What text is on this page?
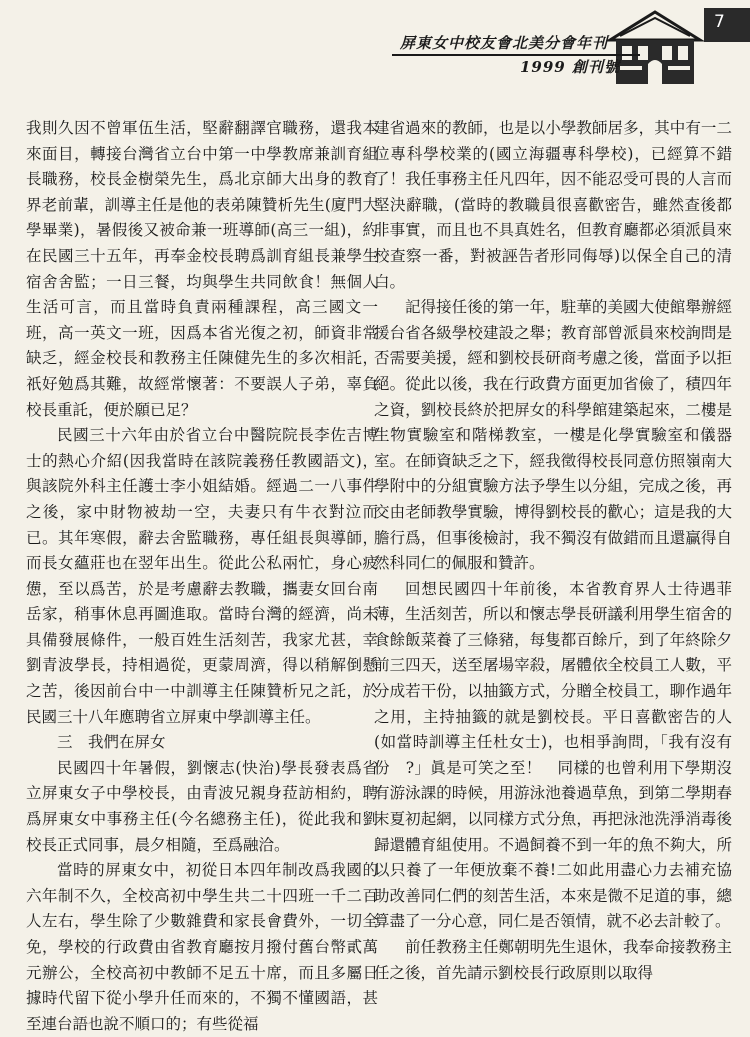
7
屏東女中校友會北美分會年刊
1999 創刊號

我則久因不曾軍伍生活，堅辭翻譯官職務，還我本來面目，轉接台灣省立台中第一中學教席兼訓育組長職務，校長金樹榮先生，爲北京師大出身的教育界老前輩，訓導主任是他的表弟陳贊析先生(廈門大學畢業)，暑假後又被命兼一班導師(高三一組)，約在民國三十五年，再奉金校長聘爲訓育組長兼學生宿舍舍監；一日三餐，均與學生共同飲食！無個人生活可言，而且當時負責兩種課程，高三國文一班，高一英文一班，因爲本省光復之初，師資非常缺乏，經金校長和教務主任陳健先生的多次相託，祇好勉爲其難，故經常懷著：不要誤人子弟，辜負校長重託，便於願已足？

民國三十六年由於省立台中醫院院長李佐吉博士的熱心介紹(因我當時在該院義務任教國語文)，與該院外科主任護士李小姐結婚。經過二一八事件之後，家中財物被劫一空，夫妻只有牛衣對泣而已。其年寒假，辭去舍監職務，專任組長與導師，而長女蘊莊也在翌年出生。從此公私兩忙，身心疲憊，至以爲苦，於是考慮辭去教職，攜妻女回台南岳家，稍事休息再圖進取。當時台灣的經濟，尚未具備發展條件，一般百姓生活刻苦，我家尤甚，幸劉青波學長，持相過從，更蒙周濟，得以稍解倒懸之苦，後因前台中一中訓導主任陳贊析兄之託，於民國三十八年應聘省立屏東中學訓導主任。

三　我們在屏女

民國四十年暑假，劉懷志(快治)學長發表爲省立屏東女子中學校長，由青波兄親身菈訪相約，聘爲屏東女中事務主任(今名總務主任)，從此我和劉校長正式同事，晨夕相隨，至爲融洽。

當時的屏東女中，初從日本四年制改爲我國的六年制不久，全校高初中學生共二十四班一千二百人左右，學生除了少數雜費和家長會費外，一切全免，學校的行政費由省教育廳按月撥付舊台幣貳萬元辦公，全校高初中教師不足五十席，而且多屬日據時代留下從小學升任而來的，不獨不懂國語，甚至連台語也說不順口的；有些從福

建省過來的教師，也是以小學教師居多，其中有一二位專科學校業的(國立海疆專科學校)，已經算不錯了！我任事務主任凡四年，因不能忍受可畏的人言而堅決辭職，(當時的教職員很喜歡密告，雖然查後都非事實，而且也不具真姓名，但教育廳都必須派員來校查察一番，對被誣告者形同侮辱)以保全自己的清白。

記得接任後的第一年，駐華的美國大使館舉辦經援台省各級學校建設之舉；教育部曾派員來校詢問是否需要美援，經和劉校長研商考慮之後，當面予以拒絕。從此以後，我在行政費方面更加省儉了，積四年之資，劉校長終於把屏女的科學館建築起來，二樓是生物實驗室和階梯教室，一樓是化學實驗室和儀器室。在師資缺乏之下，經我徵得校長同意仿照嶺南大學附中的分組實驗方法予學生以分組，完成之後，再交由老師教學實驗，博得劉校長的歡心；這是我的大膽行爲，但事後檢討，我不獨沒有做錯而且還贏得自然科同仁的佩服和贊許。

回想民國四十年前後，本省教育界人士待遇菲薄，生活刻苦，所以和懷志學長研議利用學生宿舍的食餘飯菜養了三條豬，每隻都百餘斤，到了年終除夕前三四天，送至屠場宰殺，屠體依全校員工人數，平分成若干份，以抽籤方式，分贈全校員工，聊作過年之用，主持抽籤的就是劉校長。平日喜歡密告的人(如當時訓導主任杜女士)，也相爭詢問，「我有沒有份　?」眞是可笑之至！　同樣的也曾利用下學期沒有游泳課的時候，用游泳池養過草魚，到第二學期春末夏初起網，以同樣方式分魚，再把泳池洗淨消毒後歸還體育組使用。不過飼養不到一年的魚不夠大，所以只養了一年便放棄不養!二如此用盡心力去補充協助改善同仁們的刻苦生活，本來是微不足道的事，總算盡了一分心意，同仁是否領情，就不必去計較了。

前任教務主任鄭朝明先生退休，我奉命接教務主任之後，首先請示劉校長行政原則以取得
